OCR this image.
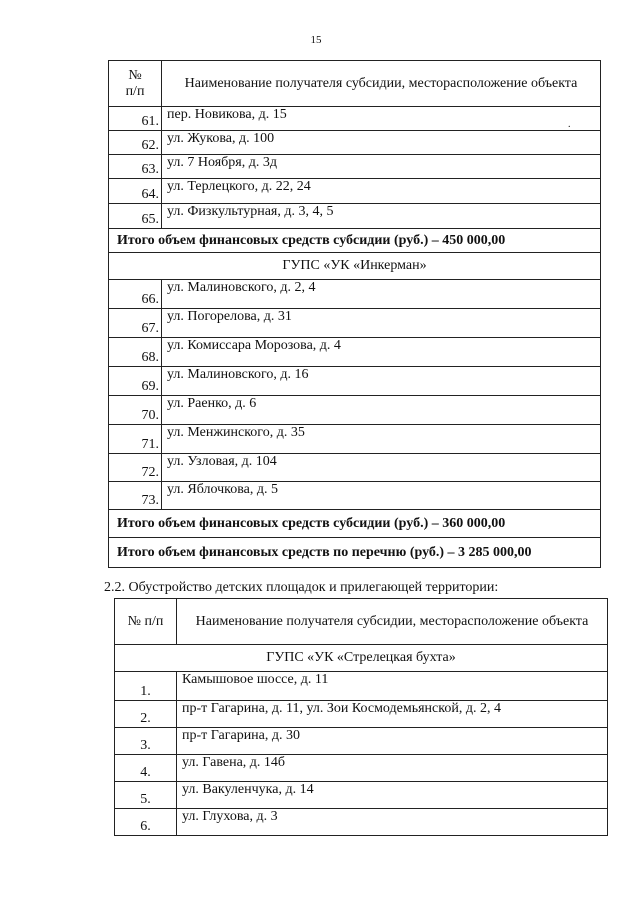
15
.
№
п/п	Наименование получателя субсидии, месторасположение объекта
61.	пер. Новикова, д. 15
62.	ул. Жукова, д. 100
63.	ул. 7 Ноября, д. 3д
64.	ул. Терлецкого, д. 22, 24
65.	ул. Физкультурная, д. 3, 4, 5
Итого объем финансовых средств субсидии (руб.) – 450 000,00	
ГУПС «УК «Инкерман»	
66.	ул. Малиновского, д. 2, 4
67.	ул. Погорелова, д. 31
68.	ул. Комиссара Морозова, д. 4
69.	ул. Малиновского, д. 16
70.	ул. Раенко, д. 6
71.	ул. Менжинского, д. 35
72.	ул. Узловая, д. 104
73.	ул. Яблочкова, д. 5
Итого объем финансовых средств субсидии (руб.) – 360 000,00	
Итого объем финансовых средств по перечню (руб.) – 3 285 000,00	
2.2. Обустройство детских площадок и прилегающей территории:
№ п/п	Наименование получателя субсидии, месторасположение объекта
ГУПС «УК «Стрелецкая бухта»	
1.	Камышовое шоссе, д. 11
2.	пр-т Гагарина, д. 11, ул. Зои Космодемьянской, д. 2, 4
3.	пр-т Гагарина, д. 30
4.	ул. Гавена, д. 14б
5.	ул. Вакуленчука, д. 14
6.	ул. Глухова, д. 3
